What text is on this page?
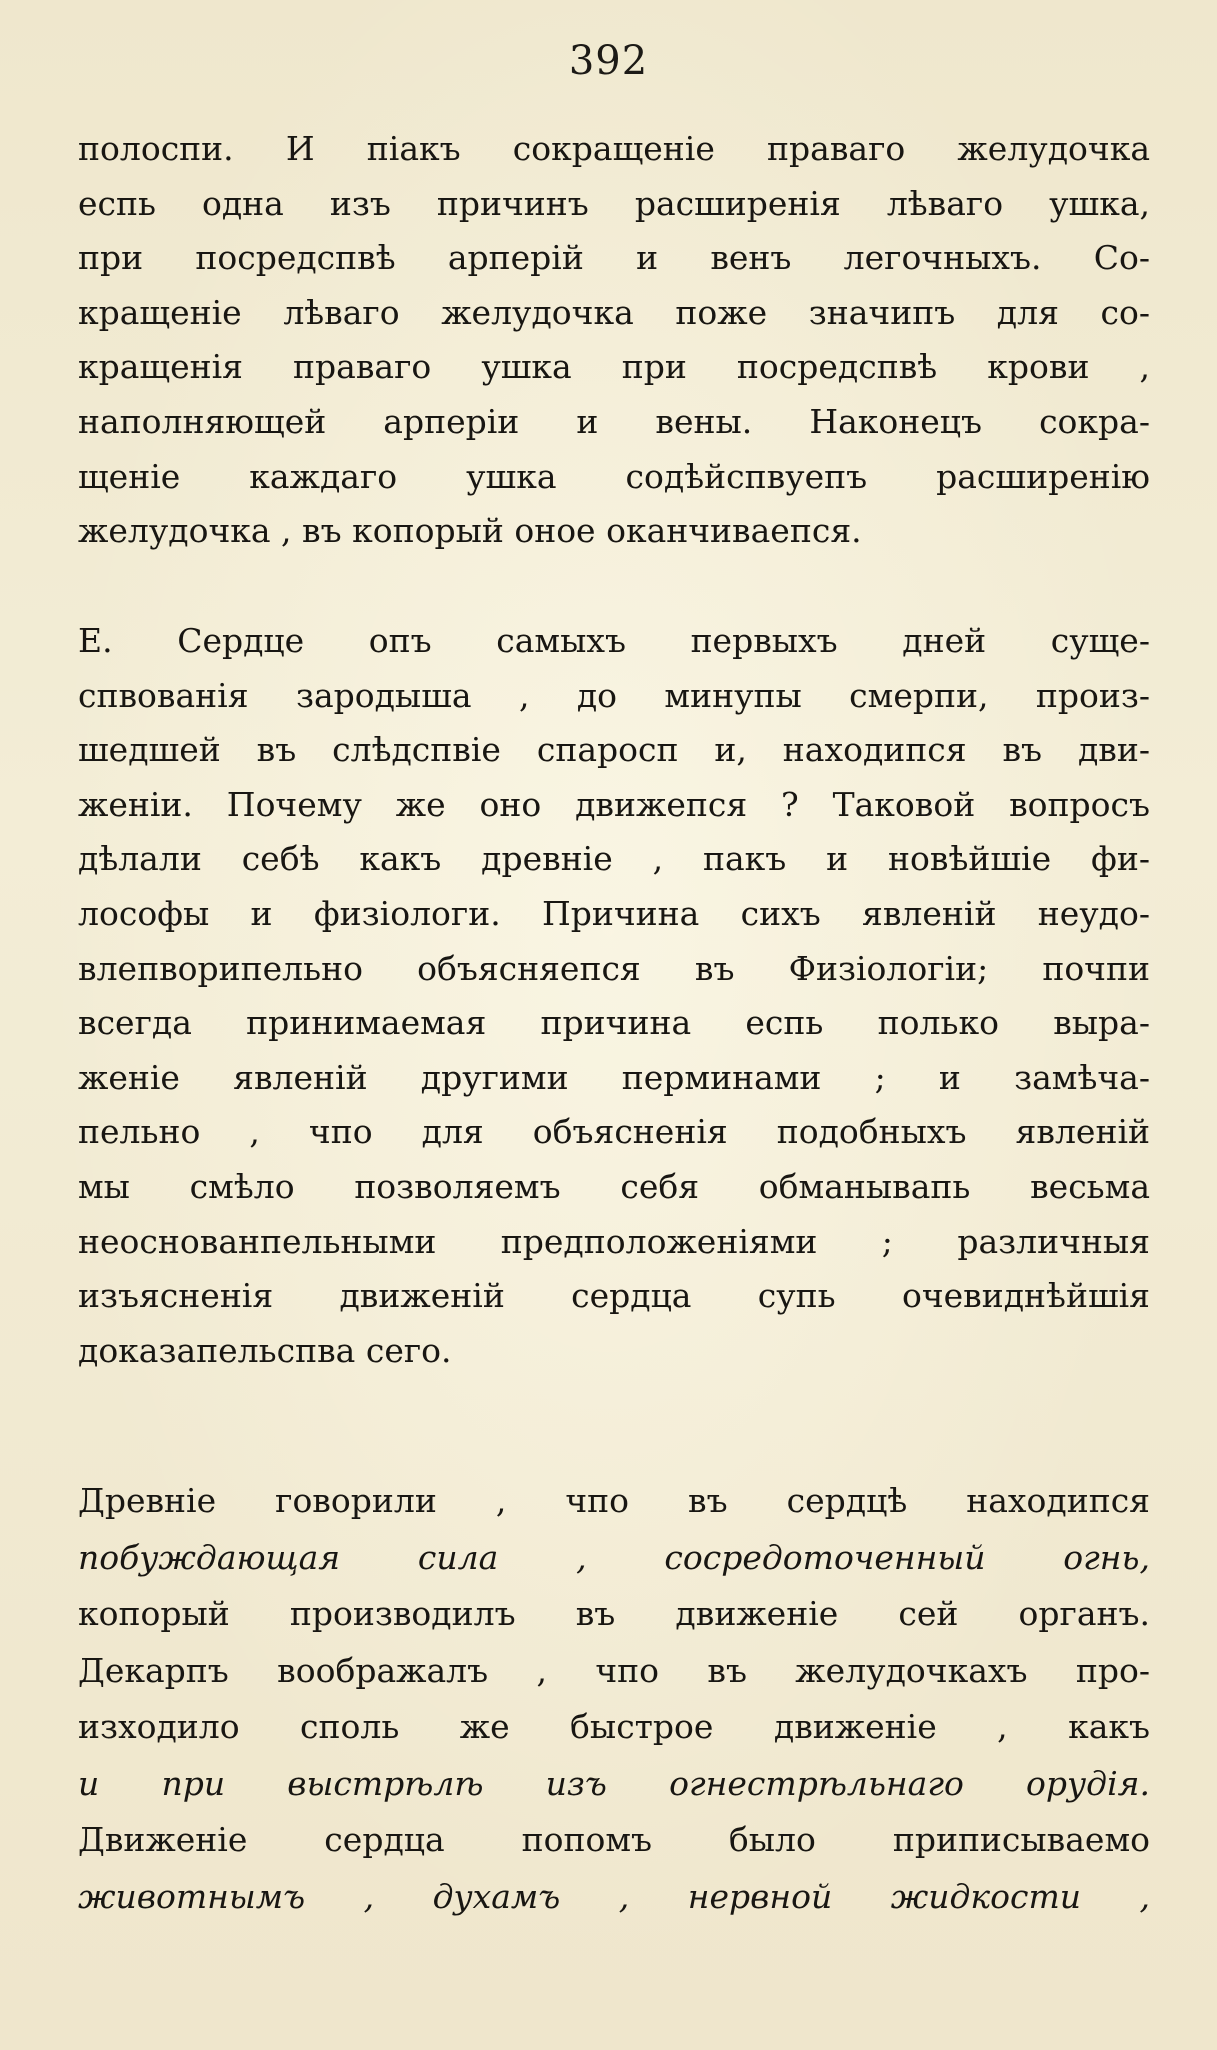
392
полоспи. И пiакъ сокращенiе праваго желудочка
еспь одна изъ причинъ расширенiя лѣваго ушка,
при посредспвѣ арперiй и венъ легочныхъ. Со-
кращенiе лѣваго желудочка поже значипъ для со-
кращенiя праваго ушка при посредспвѣ крови ,
наполняющей арперiи и вены. Наконецъ сокра-
щенiе каждаго ушка содѣйспвуепъ расширенiю
желудочка , въ копорый оное оканчиваепся.
Е. Сердце опъ самыхъ первыхъ дней суще-
спвованiя зародыша , до минупы смерпи, произ-
шедшей въ слѣдспвiе спаросп и, находипся въ дви-
женiи. Почему же оно движепся ? Таковой вопросъ
дѣлали себѣ какъ древнiе , пакъ и новѣйшiе фи-
лософы и физiологи. Причина сихъ явленiй неудо-
влепворипельно объясняепся въ Физiологiи; почпи
всегда принимаемая причина еспь полько выра-
женiе явленiй другими перминами ; и замѣча-
пельно , чпо для объясненiя подобныхъ явленiй
мы смѣло позволяемъ себя обманывапь весьма
неоснованпельными предположенiями ; различныя
изъясненiя движенiй сердца супь очевиднѣйшiя
доказапельспва сего.
Древнiе говорили , чпо въ сердцѣ находипся
побуждающая сила , сосредоточенный огнь,
копорый производилъ въ движенiе сей органъ.
Декарпъ воображалъ , чпо въ желудочкахъ про-
изходило споль же быстрое движенiе , какъ
и при выстрѣлѣ изъ огнестрѣльнаго орудiя.
Движенiе сердца попомъ было приписываемо
животнымъ , духамъ , нервной жидкости ,
